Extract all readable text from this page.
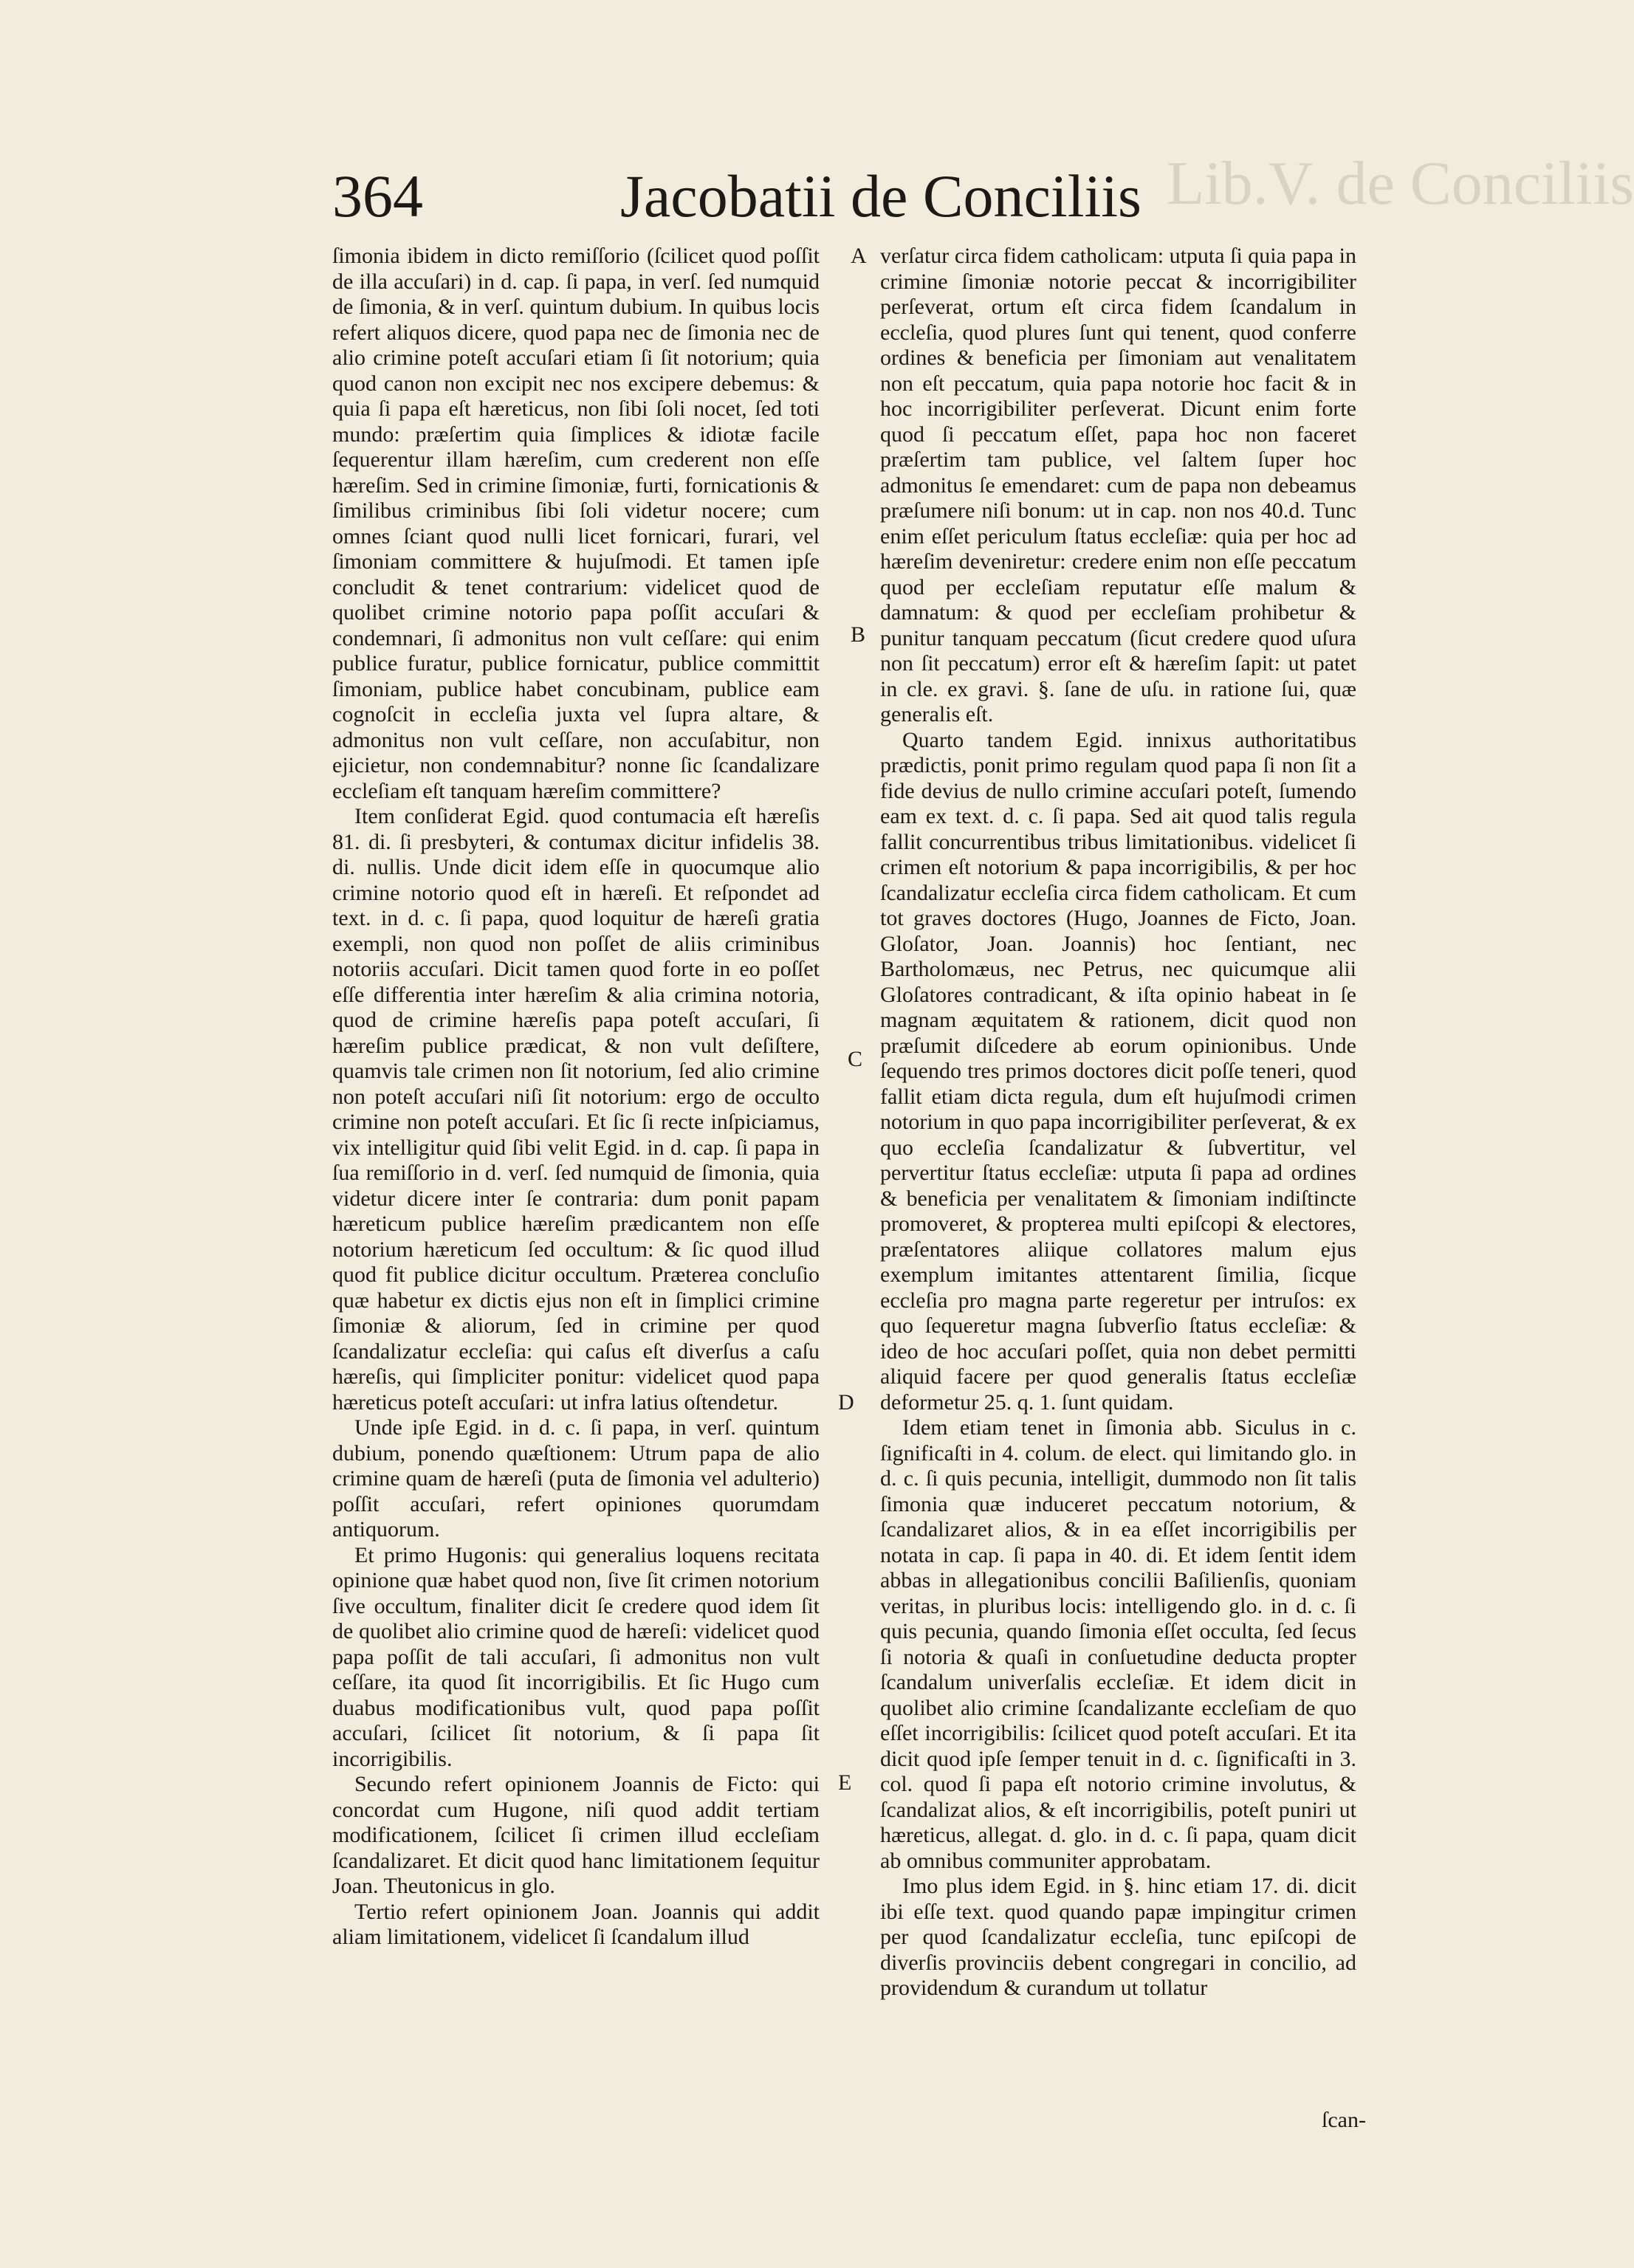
Lib.V. de Conciliis
364	Jacobatii de Conciliis

ſimonia ibidem in dicto remiſſorio (ſcilicet quod poſſit de illa accuſari) in d. cap. ſi papa, in verſ. ſed numquid de ſimonia, & in verſ. quintum dubium. In quibus locis refert aliquos dicere, quod papa nec de ſimonia nec de alio crimine poteſt accuſari etiam ſi ſit notorium; quia quod canon non excipit nec nos excipere debemus: & quia ſi papa eſt hæreticus, non ſibi ſoli nocet, ſed toti mundo: præſertim quia ſimplices & idiotæ facile ſequerentur illam hæreſim, cum crederent non eſſe hæreſim. Sed in crimine ſimoniæ, furti, fornicationis & ſimilibus criminibus ſibi ſoli videtur nocere; cum omnes ſciant quod nulli licet fornicari, furari, vel ſimoniam committere & hujuſmodi. Et tamen ipſe concludit & tenet contrarium: videlicet quod de quolibet crimine notorio papa poſſit accuſari & condemnari, ſi admonitus non vult ceſſare: qui enim publice furatur, publice fornicatur, publice committit ſimoniam, publice habet concubinam, publice eam cognoſcit in eccleſia juxta vel ſupra altare, & admonitus non vult ceſſare, non accuſabitur, non ejicietur, non condemnabitur? nonne ſic ſcandalizare eccleſiam eſt tanquam hæreſim committere?

Item conſiderat Egid. quod contumacia eſt hæreſis 81. di. ſi presbyteri, & contumax dicitur infidelis 38. di. nullis. Unde dicit idem eſſe in quocumque alio crimine notorio quod eſt in hæreſi. Et reſpondet ad text. in d. c. ſi papa, quod loquitur de hæreſi gratia exempli, non quod non poſſet de aliis criminibus notoriis accuſari. Dicit tamen quod forte in eo poſſet eſſe differentia inter hæreſim & alia crimina notoria, quod de crimine hæreſis papa poteſt accuſari, ſi hæreſim publice prædicat, & non vult deſiſtere, quamvis tale crimen non ſit notorium, ſed alio crimine non poteſt accuſari niſi ſit notorium: ergo de occulto crimine non poteſt accuſari. Et ſic ſi recte inſpiciamus, vix intelligitur quid ſibi velit Egid. in d. cap. ſi papa in ſua remiſſorio in d. verſ. ſed numquid de ſimonia, quia videtur dicere inter ſe contraria: dum ponit papam hæreticum publice hæreſim prædicantem non eſſe notorium hæreticum ſed occultum: & ſic quod illud quod fit publice dicitur occultum. Præterea concluſio quæ habetur ex dictis ejus non eſt in ſimplici crimine ſimoniæ & aliorum, ſed in crimine per quod ſcandalizatur eccleſia: qui caſus eſt diverſus a caſu hæreſis, qui ſimpliciter ponitur: videlicet quod papa hæreticus poteſt accuſari: ut infra latius oſtendetur.

Unde ipſe Egid. in d. c. ſi papa, in verſ. quintum dubium, ponendo quæſtionem: Utrum papa de alio crimine quam de hæreſi (puta de ſimonia vel adulterio) poſſit accuſari, refert opiniones quorumdam antiquorum.

Et primo Hugonis: qui generalius loquens recitata opinione quæ habet quod non, ſive ſit crimen notorium ſive occultum, finaliter dicit ſe credere quod idem ſit de quolibet alio crimine quod de hæreſi: videlicet quod papa poſſit de tali accuſari, ſi admonitus non vult ceſſare, ita quod ſit incorrigibilis. Et ſic Hugo cum duabus modificationibus vult, quod papa poſſit accuſari, ſcilicet ſit notorium, & ſi papa ſit incorrigibilis.

Secundo refert opinionem Joannis de Ficto: qui concordat cum Hugone, niſi quod addit tertiam modificationem, ſcilicet ſi crimen illud eccleſiam ſcandalizaret. Et dicit quod hanc limitationem ſequitur Joan. Theutonicus in glo.

Tertio refert opinionem Joan. Joannis qui addit aliam limitationem, videlicet ſi ſcandalum illud

A
B
C
D
E

verſatur circa fidem catholicam: utputa ſi quia papa in crimine ſimoniæ notorie peccat & incorrigibiliter perſeverat, ortum eſt circa fidem ſcandalum in eccleſia, quod plures ſunt qui tenent, quod conferre ordines & beneficia per ſimoniam aut venalitatem non eſt peccatum, quia papa notorie hoc facit & in hoc incorrigibiliter perſeverat. Dicunt enim forte quod ſi peccatum eſſet, papa hoc non faceret præſertim tam publice, vel ſaltem ſuper hoc admonitus ſe emendaret: cum de papa non debeamus præſumere niſi bonum: ut in cap. non nos 40.d. Tunc enim eſſet periculum ſtatus eccleſiæ: quia per hoc ad hæreſim deveniretur: credere enim non eſſe peccatum quod per eccleſiam reputatur eſſe malum & damnatum: & quod per eccleſiam prohibetur & punitur tanquam peccatum (ſicut credere quod uſura non ſit peccatum) error eſt & hæreſim ſapit: ut patet in cle. ex gravi. §. ſane de uſu. in ratione ſui, quæ generalis eſt.

Quarto tandem Egid. innixus authoritatibus prædictis, ponit primo regulam quod papa ſi non ſit a fide devius de nullo crimine accuſari poteſt, ſumendo eam ex text. d. c. ſi papa. Sed ait quod talis regula fallit concurrentibus tribus limitationibus. videlicet ſi crimen eſt notorium & papa incorrigibilis, & per hoc ſcandalizatur eccleſia circa fidem catholicam. Et cum tot graves doctores (Hugo, Joannes de Ficto, Joan. Gloſator, Joan. Joannis) hoc ſentiant, nec Bartholomæus, nec Petrus, nec quicumque alii Gloſatores contradicant, & iſta opinio habeat in ſe magnam æquitatem & rationem, dicit quod non præſumit diſcedere ab eorum opinionibus. Unde ſequendo tres primos doctores dicit poſſe teneri, quod fallit etiam dicta regula, dum eſt hujuſmodi crimen notorium in quo papa incorrigibiliter perſeverat, & ex quo eccleſia ſcandalizatur & ſubvertitur, vel pervertitur ſtatus eccleſiæ: utputa ſi papa ad ordines & beneficia per venalitatem & ſimoniam indiſtincte promoveret, & propterea multi epiſcopi & electores, præſentatores aliique collatores malum ejus exemplum imitantes attentarent ſimilia, ſicque eccleſia pro magna parte regeretur per intruſos: ex quo ſequeretur magna ſubverſio ſtatus eccleſiæ: & ideo de hoc accuſari poſſet, quia non debet permitti aliquid facere per quod generalis ſtatus eccleſiæ deformetur 25. q. 1. ſunt quidam.

Idem etiam tenet in ſimonia abb. Siculus in c. ſignificaſti in 4. colum. de elect. qui limitando glo. in d. c. ſi quis pecunia, intelligit, dummodo non ſit talis ſimonia quæ induceret peccatum notorium, & ſcandalizaret alios, & in ea eſſet incorrigibilis per notata in cap. ſi papa in 40. di. Et idem ſentit idem abbas in allegationibus concilii Baſilienſis, quoniam veritas, in pluribus locis: intelligendo glo. in d. c. ſi quis pecunia, quando ſimonia eſſet occulta, ſed ſecus ſi notoria & quaſi in conſuetudine deducta propter ſcandalum univerſalis eccleſiæ. Et idem dicit in quolibet alio crimine ſcandalizante eccleſiam de quo eſſet incorrigibilis: ſcilicet quod poteſt accuſari. Et ita dicit quod ipſe ſemper tenuit in d. c. ſignificaſti in 3. col. quod ſi papa eſt notorio crimine involutus, & ſcandalizat alios, & eſt incorrigibilis, poteſt puniri ut hæreticus, allegat. d. glo. in d. c. ſi papa, quam dicit ab omnibus communiter approbatam.

Imo plus idem Egid. in §. hinc etiam 17. di. dicit ibi eſſe text. quod quando papæ impingitur crimen per quod ſcandalizatur eccleſia, tunc epiſcopi de diverſis provinciis debent congregari in concilio, ad providendum & curandum ut tollatur

ſcan-
